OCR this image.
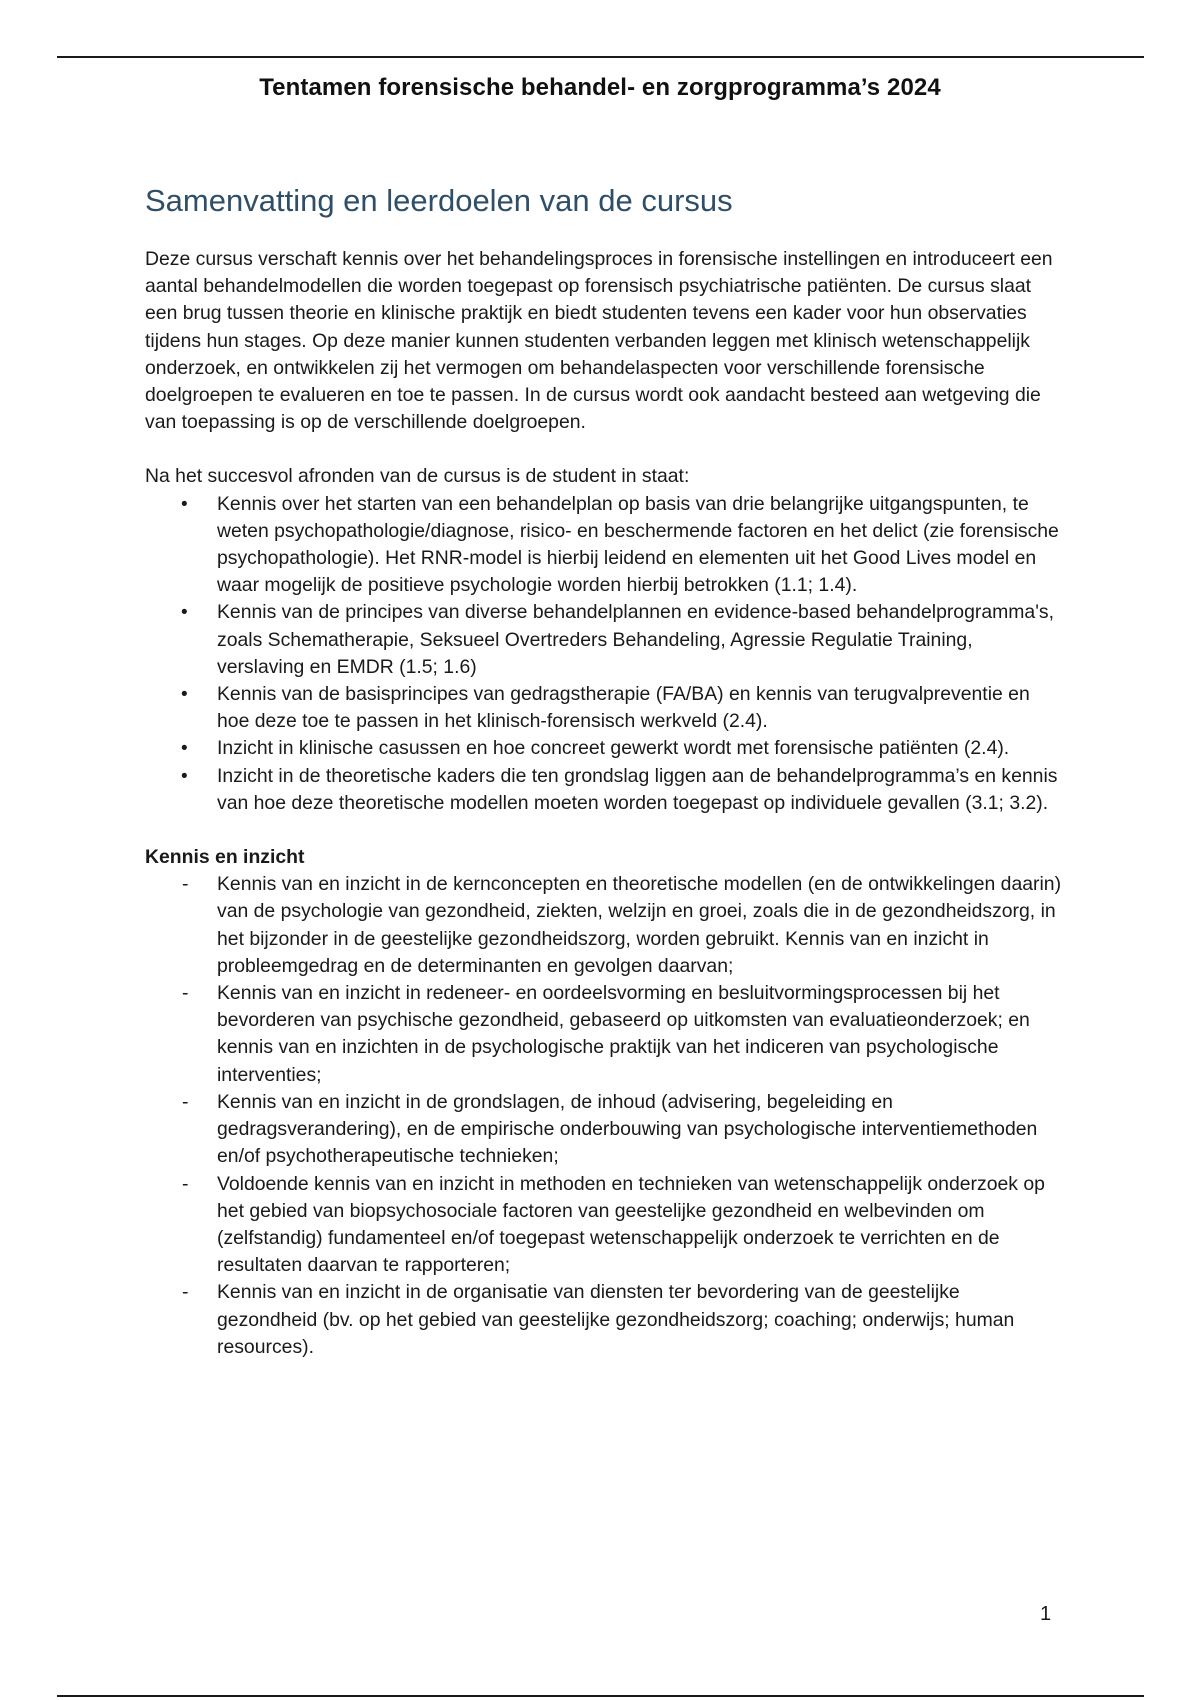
Tentamen forensische behandel- en zorgprogramma’s 2024
Samenvatting en leerdoelen van de cursus

Deze cursus verschaft kennis over het behandelingsproces in forensische instellingen en introduceert een aantal behandelmodellen die worden toegepast op forensisch psychiatrische patiënten. De cursus slaat een brug tussen theorie en klinische praktijk en biedt studenten tevens een kader voor hun observaties tijdens hun stages. Op deze manier kunnen studenten verbanden leggen met klinisch wetenschappelijk onderzoek, en ontwikkelen zij het vermogen om behandelaspecten voor verschillende forensische doelgroepen te evalueren en toe te passen. In de cursus wordt ook aandacht besteed aan wetgeving die van toepassing is op de verschillende doelgroepen.

Na het succesvol afronden van de cursus is de student in staat:

• Kennis over het starten van een behandelplan op basis van drie belangrijke uitgangspunten, te weten psychopathologie/diagnose, risico- en beschermende factoren en het delict (zie forensische psychopathologie). Het RNR-model is hierbij leidend en elementen uit het Good Lives model en waar mogelijk de positieve psychologie worden hierbij betrokken (1.1; 1.4).
• Kennis van de principes van diverse behandelplannen en evidence-based behandelprogramma's, zoals Schematherapie, Seksueel Overtreders Behandeling, Agressie Regulatie Training, verslaving en EMDR (1.5; 1.6)
• Kennis van de basisprincipes van gedragstherapie (FA/BA) en kennis van terugvalpreventie en hoe deze toe te passen in het klinisch-forensisch werkveld (2.4).
• Inzicht in klinische casussen en hoe concreet gewerkt wordt met forensische patiënten (2.4).
• Inzicht in de theoretische kaders die ten grondslag liggen aan de behandelprogramma’s en kennis van hoe deze theoretische modellen moeten worden toegepast op individuele gevallen (3.1; 3.2).
Kennis en inzicht
- Kennis van en inzicht in de kernconcepten en theoretische modellen (en de ontwikkelingen daarin) van de psychologie van gezondheid, ziekten, welzijn en groei, zoals die in de gezondheidszorg, in het bijzonder in de geestelijke gezondheidszorg, worden gebruikt. Kennis van en inzicht in probleemgedrag en de determinanten en gevolgen daarvan;
- Kennis van en inzicht in redeneer- en oordeelsvorming en besluitvormingsprocessen bij het bevorderen van psychische gezondheid, gebaseerd op uitkomsten van evaluatieonderzoek; en kennis van en inzichten in de psychologische praktijk van het indiceren van psychologische interventies;
- Kennis van en inzicht in de grondslagen, de inhoud (advisering, begeleiding en gedragsverandering), en de empirische onderbouwing van psychologische interventiemethoden en/of psychotherapeutische technieken;
- Voldoende kennis van en inzicht in methoden en technieken van wetenschappelijk onderzoek op het gebied van biopsychosociale factoren van geestelijke gezondheid en welbevinden om (zelfstandig) fundamenteel en/of toegepast wetenschappelijk onderzoek te verrichten en de resultaten daarvan te rapporteren;
- Kennis van en inzicht in de organisatie van diensten ter bevordering van de geestelijke gezondheid (bv. op het gebied van geestelijke gezondheidszorg; coaching; onderwijs; human resources).
1
